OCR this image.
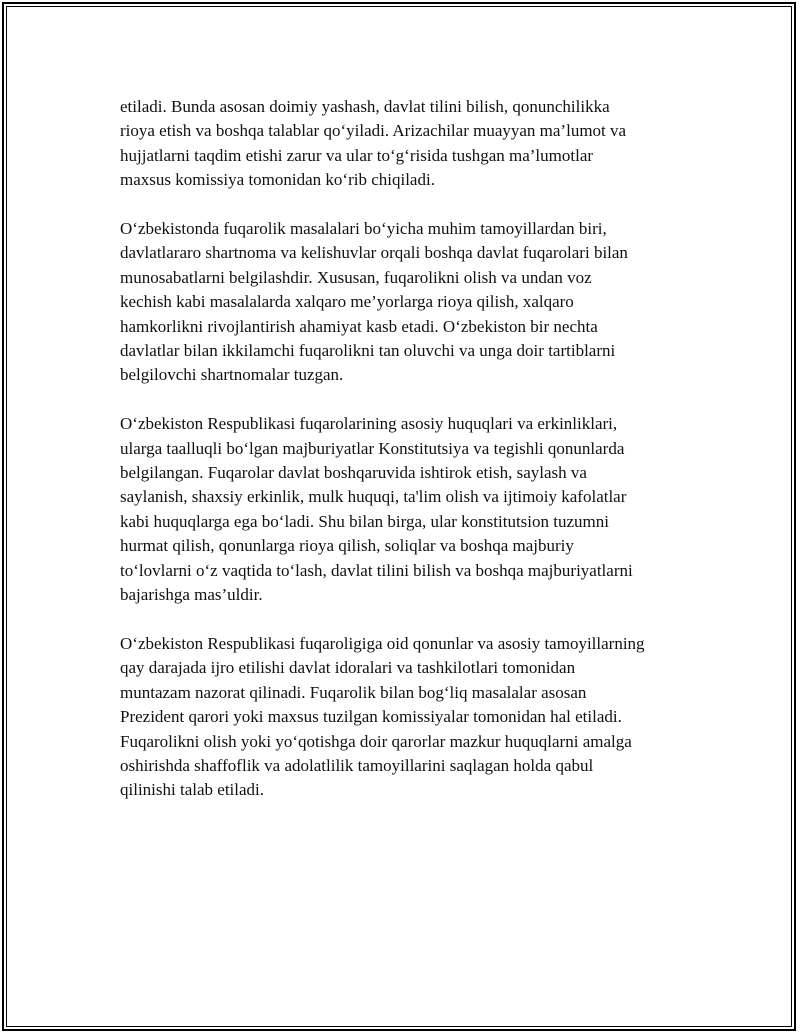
etiladi. Bunda asosan doimiy yashash, davlat tilini bilish, qonunchilikka
rioya etish va boshqa talablar qo‘yiladi. Arizachilar muayyan ma’lumot va
hujjatlarni taqdim etishi zarur va ular to‘g‘risida tushgan ma’lumotlar
maxsus komissiya tomonidan ko‘rib chiqiladi.

O‘zbekistonda fuqarolik masalalari bo‘yicha muhim tamoyillardan biri,
davlatlararo shartnoma va kelishuvlar orqali boshqa davlat fuqarolari bilan
munosabatlarni belgilashdir. Xususan, fuqarolikni olish va undan voz
kechish kabi masalalarda xalqaro me’yorlarga rioya qilish, xalqaro
hamkorlikni rivojlantirish ahamiyat kasb etadi. O‘zbekiston bir nechta
davlatlar bilan ikkilamchi fuqarolikni tan oluvchi va unga doir tartiblarni
belgilovchi shartnomalar tuzgan.

O‘zbekiston Respublikasi fuqarolarining asosiy huquqlari va erkinliklari,
ularga taalluqli bo‘lgan majburiyatlar Konstitutsiya va tegishli qonunlarda
belgilangan. Fuqarolar davlat boshqaruvida ishtirok etish, saylash va
saylanish, shaxsiy erkinlik, mulk huquqi, ta'lim olish va ijtimoiy kafolatlar
kabi huquqlarga ega bo‘ladi. Shu bilan birga, ular konstitutsion tuzumni
hurmat qilish, qonunlarga rioya qilish, soliqlar va boshqa majburiy
to‘lovlarni o‘z vaqtida to‘lash, davlat tilini bilish va boshqa majburiyatlarni
bajarishga mas’uldir.

O‘zbekiston Respublikasi fuqaroligiga oid qonunlar va asosiy tamoyillarning
qay darajada ijro etilishi davlat idoralari va tashkilotlari tomonidan
muntazam nazorat qilinadi. Fuqarolik bilan bog‘liq masalalar asosan
Prezident qarori yoki maxsus tuzilgan komissiyalar tomonidan hal etiladi.
Fuqarolikni olish yoki yo‘qotishga doir qarorlar mazkur huquqlarni amalga
oshirishda shaffoflik va adolatlilik tamoyillarini saqlagan holda qabul
qilinishi talab etiladi.
